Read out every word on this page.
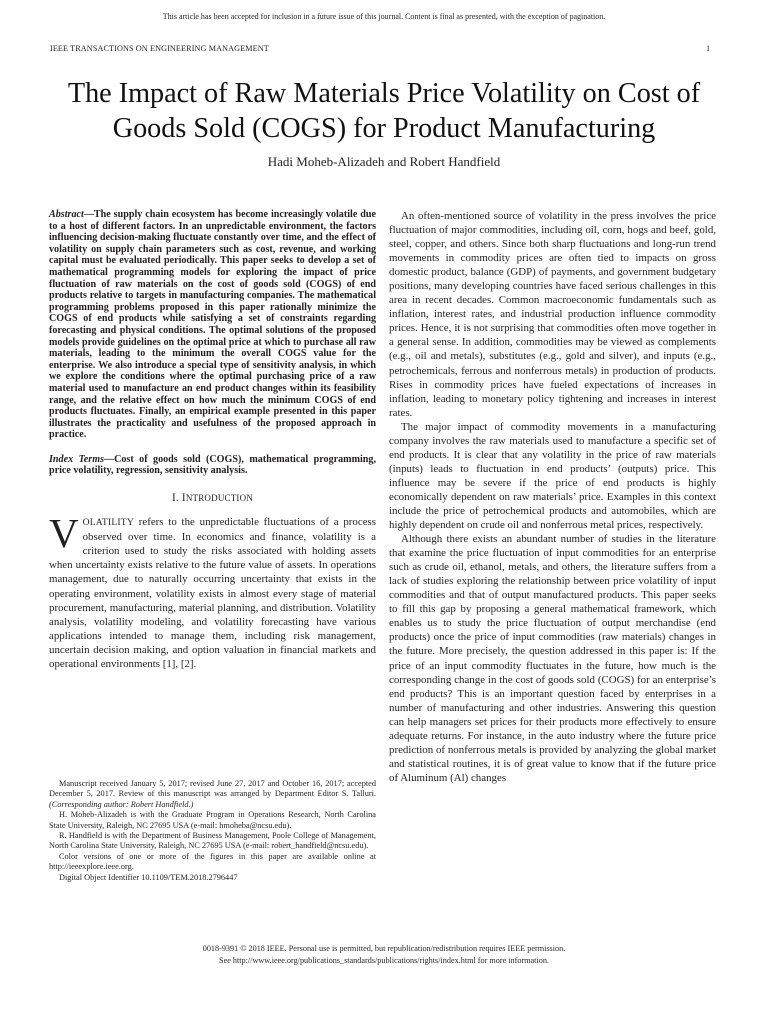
This article has been accepted for inclusion in a future issue of this journal. Content is final as presented, with the exception of pagination.
IEEE TRANSACTIONS ON ENGINEERING MANAGEMENT	1
The Impact of Raw Materials Price Volatility on Cost of Goods Sold (COGS) for Product Manufacturing
Hadi Moheb-Alizadeh and Robert Handfield

Abstract—The supply chain ecosystem has become increasingly volatile due to a host of different factors. In an unpredictable environment, the factors influencing decision-making fluctuate constantly over time, and the effect of volatility on supply chain parameters such as cost, revenue, and working capital must be evaluated periodically. This paper seeks to develop a set of mathematical programming models for exploring the impact of price fluctuation of raw materials on the cost of goods sold (COGS) of end products relative to targets in manufacturing companies. The mathematical programming problems proposed in this paper rationally minimize the COGS of end products while satisfying a set of constraints regarding forecasting and physical conditions. The optimal solutions of the proposed models provide guidelines on the optimal price at which to purchase all raw materials, leading to the minimum the overall COGS value for the enterprise. We also introduce a special type of sensitivity analysis, in which we explore the conditions where the optimal purchasing price of a raw material used to manufacture an end product changes within its feasibility range, and the relative effect on how much the minimum COGS of end products fluctuates. Finally, an empirical example presented in this paper illustrates the practicality and usefulness of the proposed approach in practice.

Index Terms—Cost of goods sold (COGS), mathematical programming, price volatility, regression, sensitivity analysis.

I. INTRODUCTION

VOLATILITY refers to the unpredictable fluctuations of a process observed over time. In economics and finance, volatility is a criterion used to study the risks associated with holding assets when uncertainty exists relative to the future value of assets. In operations management, due to naturally occurring uncertainty that exists in the operating environment, volatility exists in almost every stage of material procurement, manufacturing, material planning, and distribution. Volatility analysis, volatility modeling, and volatility forecasting have various applications intended to manage them, including risk management, uncertain decision making, and option valuation in financial markets and operational environments [1], [2].

Manuscript received January 5, 2017; revised June 27, 2017 and October 16, 2017; accepted December 5, 2017. Review of this manuscript was arranged by Department Editor S. Talluri. (Corresponding author: Robert Handfield.)

H. Moheb-Alizadeh is with the Graduate Program in Operations Research, North Carolina State University, Raleigh, NC 27695 USA (e-mail: hmoheba@ncsu.edu).

R. Handfield is with the Department of Business Management, Poole College of Management, North Carolina State University, Raleigh, NC 27695 USA (e-mail: robert_handfield@ncsu.edu).

Color versions of one or more of the figures in this paper are available online at http://ieeexplore.ieee.org.

Digital Object Identifier 10.1109/TEM.2018.2796447

An often-mentioned source of volatility in the press involves the price fluctuation of major commodities, including oil, corn, hogs and beef, gold, steel, copper, and others. Since both sharp fluctuations and long-run trend movements in commodity prices are often tied to impacts on gross domestic product, balance (GDP) of payments, and government budgetary positions, many developing countries have faced serious challenges in this area in recent decades. Common macroeconomic fundamentals such as inflation, interest rates, and industrial production influence commodity prices. Hence, it is not surprising that commodities often move together in a general sense. In addition, commodities may be viewed as complements (e.g., oil and metals), substitutes (e.g., gold and silver), and inputs (e.g., petrochemicals, ferrous and nonferrous metals) in production of products. Rises in commodity prices have fueled expectations of increases in inflation, leading to monetary policy tightening and increases in interest rates.

The major impact of commodity movements in a manufacturing company involves the raw materials used to manufacture a specific set of end products. It is clear that any volatility in the price of raw materials (inputs) leads to fluctuation in end products’ (outputs) price. This influence may be severe if the price of end products is highly economically dependent on raw materials’ price. Examples in this context include the price of petrochemical products and automobiles, which are highly dependent on crude oil and nonferrous metal prices, respectively.

Although there exists an abundant number of studies in the literature that examine the price fluctuation of input commodities for an enterprise such as crude oil, ethanol, metals, and others, the literature suffers from a lack of studies exploring the relationship between price volatility of input commodities and that of output manufactured products. This paper seeks to fill this gap by proposing a general mathematical framework, which enables us to study the price fluctuation of output merchandise (end products) once the price of input commodities (raw materials) changes in the future. More precisely, the question addressed in this paper is: If the price of an input commodity fluctuates in the future, how much is the corresponding change in the cost of goods sold (COGS) for an enterprise’s end products? This is an important question faced by enterprises in a number of manufacturing and other industries. Answering this question can help managers set prices for their products more effectively to ensure adequate returns. For instance, in the auto industry where the future price prediction of nonferrous metals is provided by analyzing the global market and statistical routines, it is of great value to know that if the future price of Aluminum (Al) changes

0018-9391 © 2018 IEEE. Personal use is permitted, but republication/redistribution requires IEEE permission.
See http://www.ieee.org/publications_standards/publications/rights/index.html for more information.
